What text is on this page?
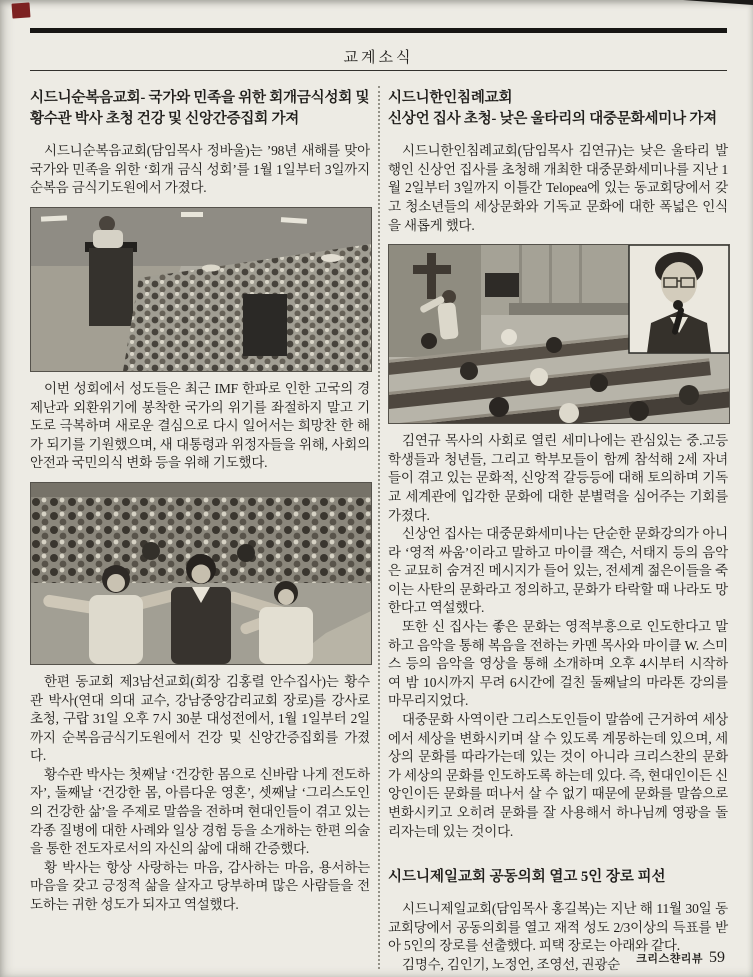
교계소식
시드니순복음교회- 국가와 민족을 위한 회개금식성회 및
황수관 박사 초청 건강 및 신앙간증집회 가져

시드니순복음교회(담임목사 정바울)는 ’98년 새해를 맞아 국가와 민족을 위한 ‘회개 금식 성회’를 1월 1일부터 3일까지 순복음 금식기도원에서 가졌다.

이번 성회에서 성도들은 최근 IMF 한파로 인한 고국의 경제난과 외환위기에 봉착한 국가의 위기를 좌절하지 말고 기도로 극복하며 새로운 결심으로 다시 일어서는 희망찬 한 해가 되기를 기원했으며, 새 대통령과 위정자들을 위해, 사회의 안전과 국민의식 변화 등을 위해 기도했다.

한편 동교회 제3남선교회(회장 김홍렬 안수집사)는 황수관 박사(연대 의대 교수, 강남중앙감리교회 장로)를 강사로 초청, 구랍 31일 오후 7시 30분 대성전에서, 1월 1일부터 2일까지 순복음금식기도원에서 건강 및 신앙간증집회를 가졌다.

황수관 박사는 첫째날 ‘건강한 몸으로 신바람 나게 전도하자’, 둘째날 ‘건강한 몸, 아름다운 영혼’, 셋째날 ‘그리스도인의 건강한 삶’을 주제로 말씀을 전하며 현대인들이 겪고 있는 각종 질병에 대한 사례와 일상 경험 등을 소개하는 한편 의술을 통한 전도자로서의 자신의 삶에 대해 간증했다.

황 박사는 항상 사랑하는 마음, 감사하는 마음, 용서하는 마음을 갖고 긍정적 삶을 살자고 당부하며 많은 사람들을 전도하는 귀한 성도가 되자고 역설했다.

시드니한인침례교회
신상언 집사 초청- 낮은 울타리의 대중문화세미나 가져

시드니한인침례교회(담임목사 김연규)는 낮은 울타리 발행인 신상언 집사를 초청해 개최한 대중문화세미나를 지난 1월 2일부터 3일까지 이틀간 Telopea에 있는 동교회당에서 갖고 청소년들의 세상문화와 기독교 문화에 대한 폭넓은 인식을 새롭게 했다.

김연규 목사의 사회로 열린 세미나에는 관심있는 중.고등 학생들과 청년들, 그리고 학부모들이 함께 참석해 2세 자녀들이 겪고 있는 문화적, 신앙적 갈등등에 대해 토의하며 기독교 세계관에 입각한 문화에 대한 분별력을 심어주는 기회를 가졌다.

신상언 집사는 대중문화세미나는 단순한 문화강의가 아니라 ‘영적 싸움’이라고 말하고 마이클 잭슨, 서태지 등의 음악은 교묘히 숨겨진 메시지가 들어 있는, 전세계 젊은이들을 죽이는 사탄의 문화라고 정의하고, 문화가 타락할 때 나라도 망한다고 역설했다.

또한 신 집사는 좋은 문화는 영적부흥으로 인도한다고 말하고 음악을 통해 복음을 전하는 카멘 목사와 마이클 W. 스미스 등의 음악을 영상을 통해 소개하며 오후 4시부터 시작하여 밤 10시까지 무려 6시간에 걸친 둘째날의 마라톤 강의를 마무리지었다.

대중문화 사역이란 그리스도인들이 말씀에 근거하여 세상에서 세상을 변화시키며 살 수 있도록 계몽하는데 있으며, 세상의 문화를 따라가는데 있는 것이 아니라 크리스찬의 문화가 세상의 문화를 인도하도록 하는데 있다. 즉, 현대인이든 신앙인이든 문화를 떠나서 살 수 없기 때문에 문화를 말씀으로 변화시키고 오히려 문화를 잘 사용해서 하나님께 영광을 돌리자는데 있는 것이다.

시드니제일교회 공동의회 열고 5인 장로 피선

시드니제일교회(담임목사 홍길복)는 지난 해 11월 30일 동교회당에서 공동의회를 열고 재적 성도 2/3이상의 득표를 받아 5인의 장로를 선출했다. 피택 장로는 아래와 같다.

김명수, 김인기, 노정언, 조영선, 권광순	크리스챤리뷰 59
